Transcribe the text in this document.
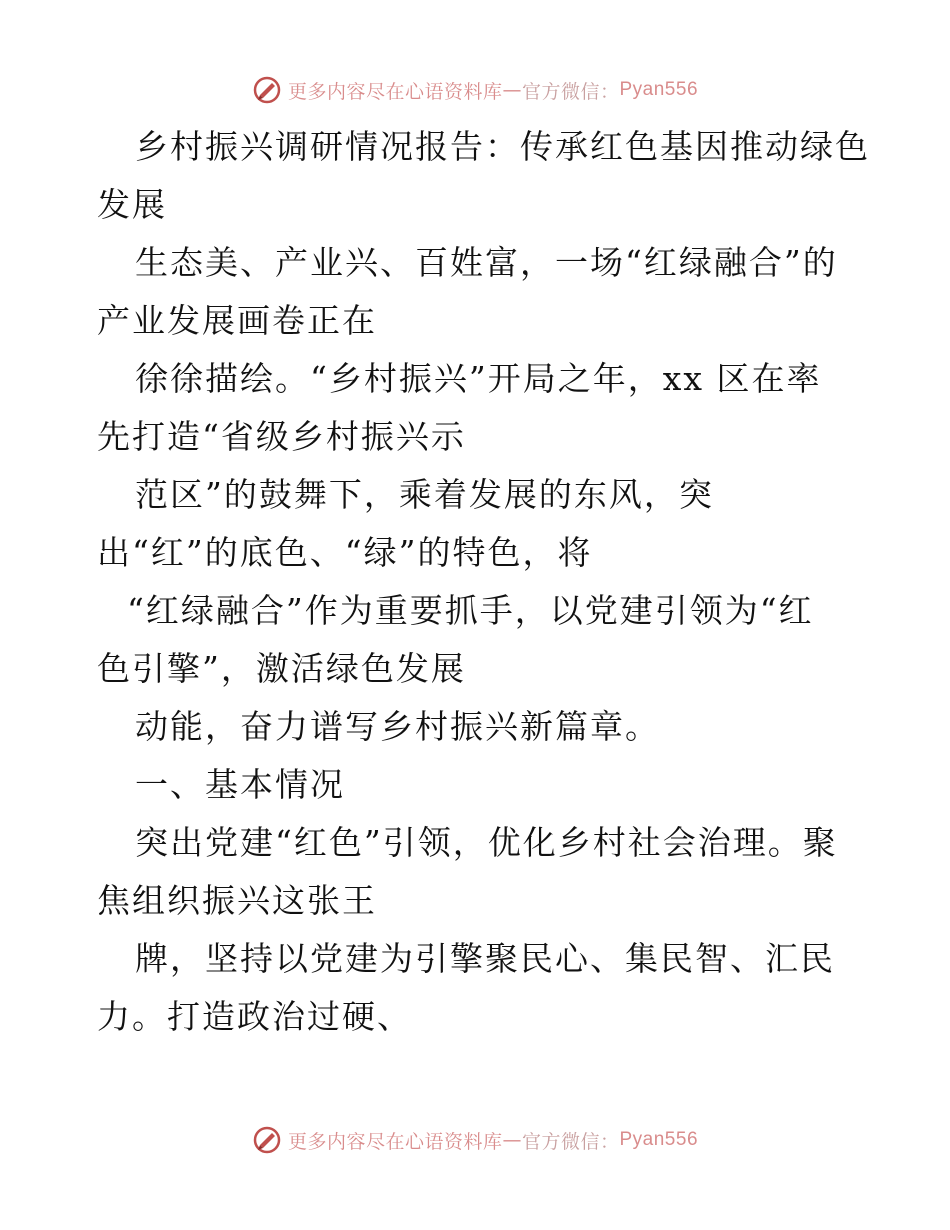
更多内容尽在心语资料库 — 官方微信： Pyan556
乡村振兴调研情况报告：传承红色基因推动绿色
发展
生态美、产业兴、百姓富，一场“红绿融合”的
产业发展画卷正在
徐徐描绘。“乡村振兴”开局之年，xx 区在率
先打造“省级乡村振兴示
范区”的鼓舞下，乘着发展的东风，突
出“红”的底色、“绿”的特色，将
“红绿融合”作为重要抓手，以党建引领为“红
色引擎”，激活绿色发展
动能，奋力谱写乡村振兴新篇章。
一、基本情况
突出党建“红色”引领，优化乡村社会治理。聚
焦组织振兴这张王
牌，坚持以党建为引擎聚民心、集民智、汇民
力。打造政治过硬、
更多内容尽在心语资料库 — 官方微信： Pyan556
